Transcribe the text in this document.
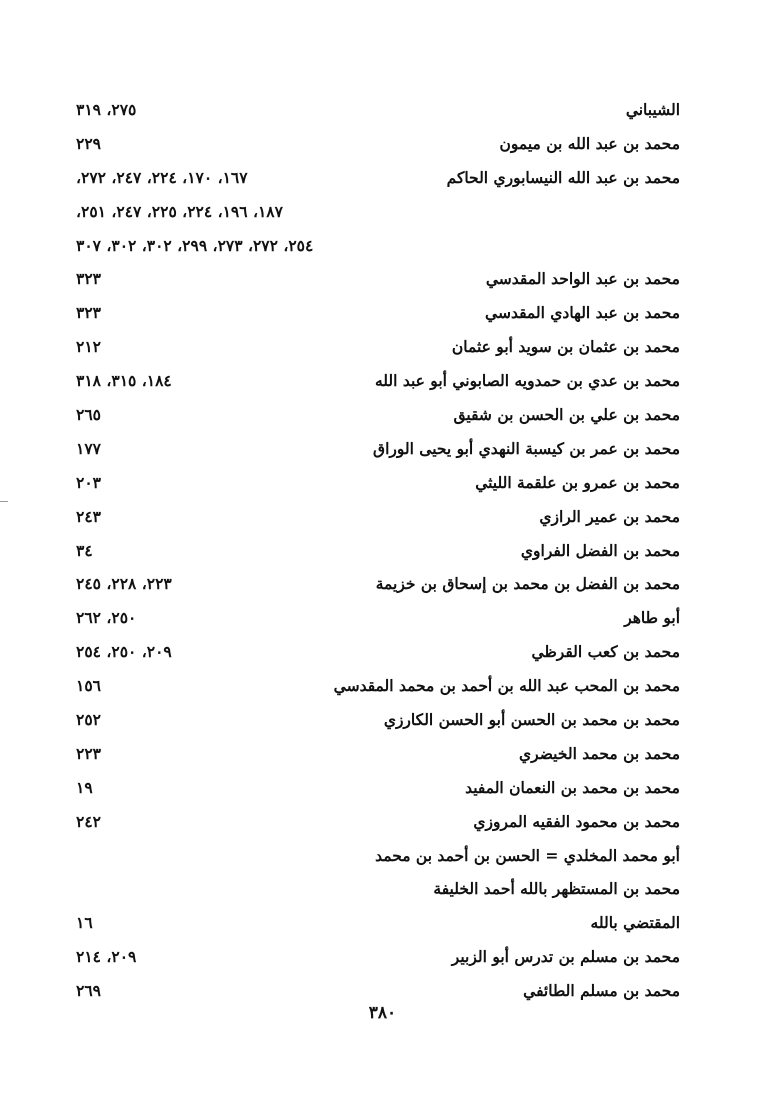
الشيباني
٢٧٥، ٣١٩
محمد بن عبد الله بن ميمون
٢٢٩
محمد بن عبد الله النيسابوري الحاكم
١٦٧، ١٧٠، ٢٢٤، ٢٤٧، ٢٧٢،
١٨٧، ١٩٦، ٢٢٤، ٢٢٥، ٢٤٧، ٢٥١،
٢٥٤، ٢٧٢، ٢٧٣، ٢٩٩، ٣٠٢، ٣٠٢، ٣٠٧
محمد بن عبد الواحد المقدسي
٣٢٣
محمد بن عبد الهادي المقدسي
٣٢٣
محمد بن عثمان بن سويد أبو عثمان
٢١٢
محمد بن عدي بن حمدويه الصابوني أبو عبد الله
١٨٤، ٣١٥، ٣١٨
محمد بن علي بن الحسن بن شقيق
٢٦٥
محمد بن عمر بن كيسبة النهدي أبو يحيى الوراق
١٧٧
محمد بن عمرو بن علقمة الليثي
٢٠٣
محمد بن عمير الرازي
٢٤٣
محمد بن الفضل الفراوي
٣٤
محمد بن الفضل بن محمد بن إسحاق بن خزيمة
٢٢٣، ٢٢٨، ٢٤٥
أبو طاهر
٢٥٠، ٢٦٢
محمد بن كعب القرظي
٢٠٩، ٢٥٠، ٢٥٤
محمد بن المحب عبد الله بن أحمد بن محمد المقدسي
١٥٦
محمد بن محمد بن الحسن أبو الحسن الكارزي
٢٥٢
محمد بن محمد الخيضري
٢٢٣
محمد بن محمد بن النعمان المفيد
١٩
محمد بن محمود الفقيه المروزي
٢٤٢
أبو محمد المخلدي = الحسن بن أحمد بن محمد
محمد بن المستظهر بالله أحمد الخليفة
المقتضي بالله
١٦
محمد بن مسلم بن تدرس أبو الزبير
٢٠٩، ٢١٤
محمد بن مسلم الطائفي
٢٦٩
٣٨٠
